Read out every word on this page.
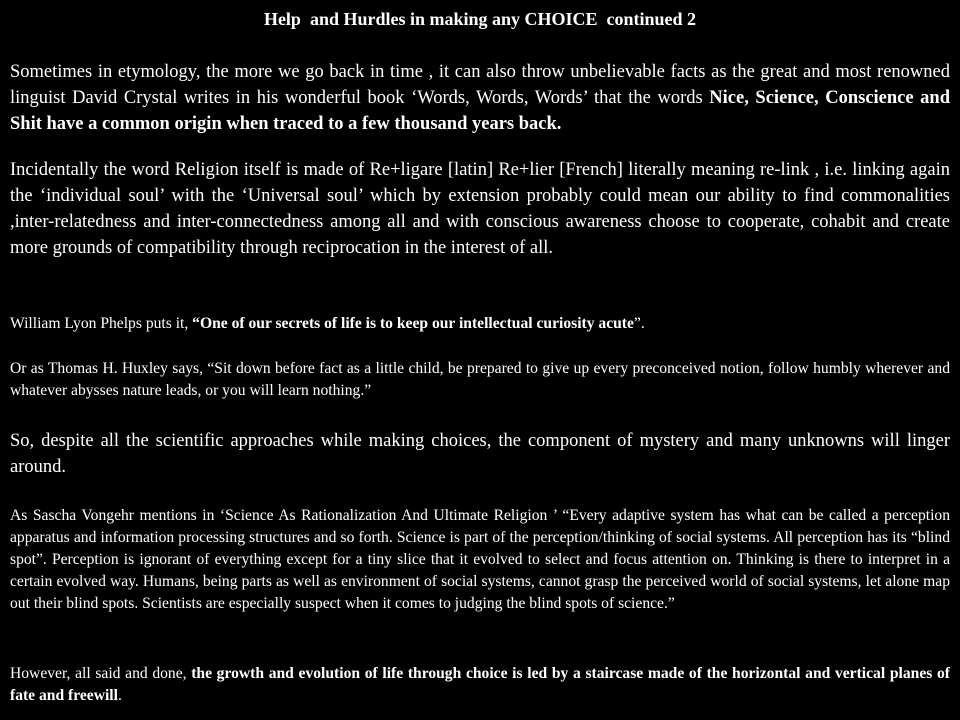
Help  and Hurdles in making any CHOICE  continued 2

Sometimes in etymology, the more we go back in time , it can also throw unbelievable facts as the great and most renowned linguist David Crystal writes in his wonderful book ‘Words, Words, Words’ that the words Nice, Science, Conscience and Shit have a common origin when traced to a few thousand years back.

Incidentally the word Religion itself is made of Re+ligare [latin] Re+lier [French] literally meaning re-link , i.e. linking again the ‘individual soul’ with the ‘Universal soul’ which by extension probably could mean our ability to find commonalities ,inter-relatedness and inter-connectedness among all and with conscious awareness choose to cooperate, cohabit and create more grounds of compatibility through reciprocation in the interest of all.

William Lyon Phelps puts it, “One of our secrets of life is to keep our intellectual curiosity acute”.

Or as Thomas H. Huxley says, “Sit down before fact as a little child, be prepared to give up every preconceived notion, follow humbly wherever and whatever abysses nature leads, or you will learn nothing.”

So, despite all the scientific approaches while making choices, the component of mystery and many unknowns will linger around.

As Sascha Vongehr mentions in ‘Science As Rationalization And Ultimate Religion ’ “Every adaptive system has what can be called a perception apparatus and information processing structures and so forth. Science is part of the perception/thinking of social systems. All perception has its “blind spot”. Perception is ignorant of everything except for a tiny slice that it evolved to select and focus attention on. Thinking is there to interpret in a certain evolved way. Humans, being parts as well as environment of social systems, cannot grasp the perceived world of social systems, let alone map out their blind spots. Scientists are especially suspect when it comes to judging the blind spots of science.”

However, all said and done, the growth and evolution of life through choice is led by a staircase made of the horizontal and vertical planes of fate and freewill.
